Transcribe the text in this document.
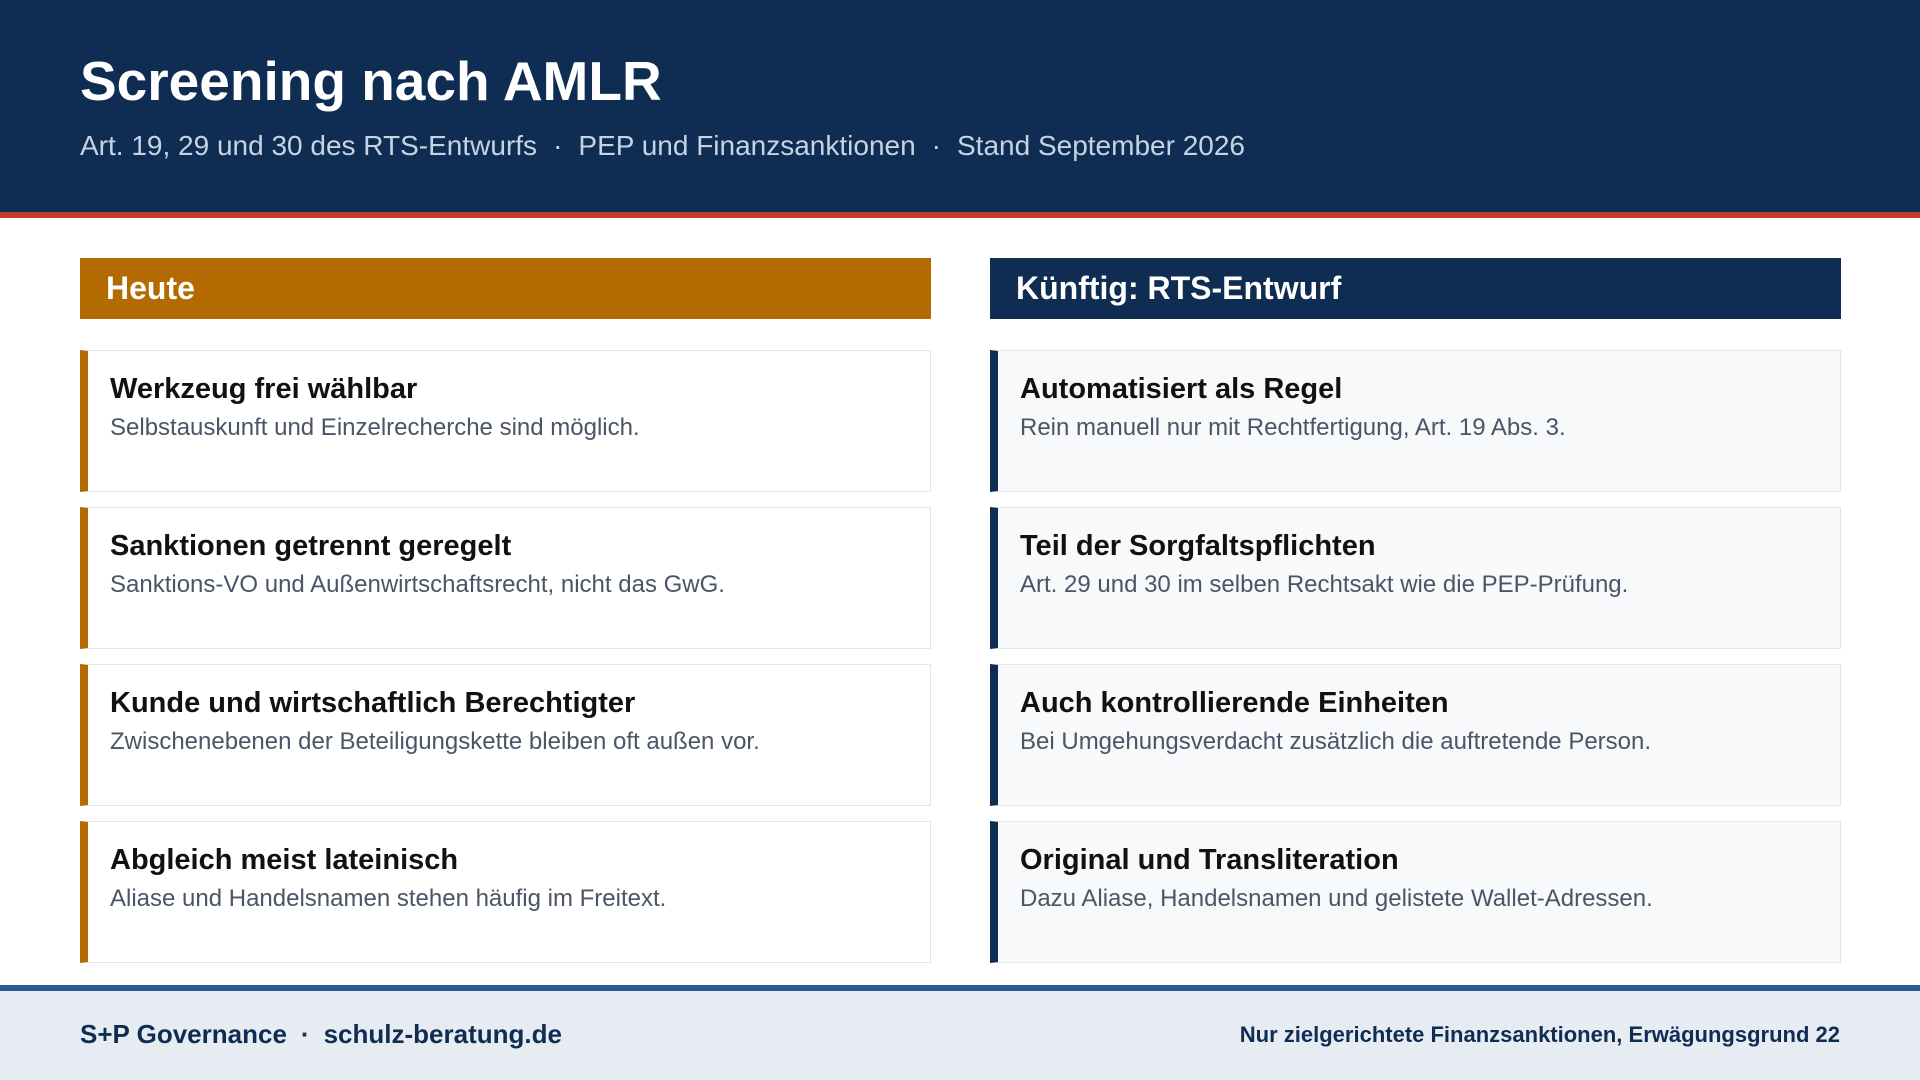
Screening nach AMLR
Art. 19, 29 und 30 des RTS-Entwurfs · PEP und Finanzsanktionen · Stand September 2026
Heute
Werkzeug frei wählbar
Selbstauskunft und Einzelrecherche sind möglich.
Sanktionen getrennt geregelt
Sanktions-VO und Außenwirtschaftsrecht, nicht das GwG.
Kunde und wirtschaftlich Berechtigter
Zwischenebenen der Beteiligungskette bleiben oft außen vor.
Abgleich meist lateinisch
Aliase und Handelsnamen stehen häufig im Freitext.
Künftig: RTS-Entwurf
Automatisiert als Regel
Rein manuell nur mit Rechtfertigung, Art. 19 Abs. 3.
Teil der Sorgfaltspflichten
Art. 29 und 30 im selben Rechtsakt wie die PEP-Prüfung.
Auch kontrollierende Einheiten
Bei Umgehungsverdacht zusätzlich die auftretende Person.
Original und Transliteration
Dazu Aliase, Handelsnamen und gelistete Wallet-Adressen.
S+P Governance · schulz-beratung.de	Nur zielgerichtete Finanzsanktionen, Erwägungsgrund 22
